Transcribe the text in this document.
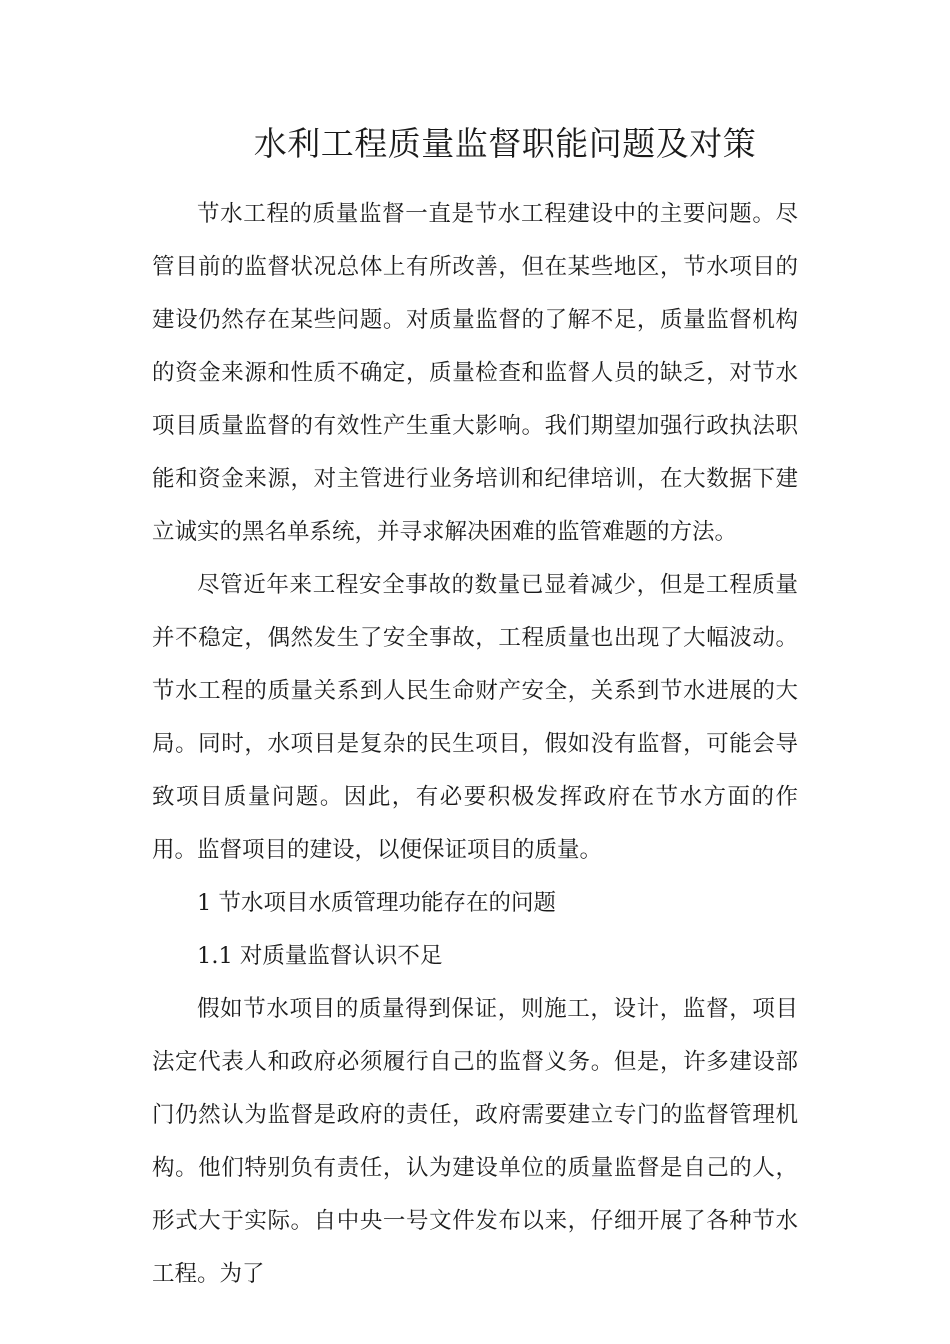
水利工程质量监督职能问题及对策

节水工程的质量监督一直是节水工程建设中的主要问题。尽管目前的监督状况总体上有所改善，但在某些地区，节水项目的建设仍然存在某些问题。对质量监督的了解不足，质量监督机构的资金来源和性质不确定，质量检查和监督人员的缺乏，对节水项目质量监督的有效性产生重大影响。我们期望加强行政执法职能和资金来源，对主管进行业务培训和纪律培训，在大数据下建立诚实的黑名单系统，并寻求解决困难的监管难题的方法。

尽管近年来工程安全事故的数量已显着减少，但是工程质量并不稳定，偶然发生了安全事故，工程质量也出现了大幅波动。节水工程的质量关系到人民生命财产安全，关系到节水进展的大局。同时，水项目是复杂的民生项目，假如没有监督，可能会导致项目质量问题。因此，有必要积极发挥政府在节水方面的作用。监督项目的建设，以便保证项目的质量。

1 节水项目水质管理功能存在的问题

1.1 对质量监督认识不足

假如节水项目的质量得到保证，则施工，设计，监督，项目法定代表人和政府必须履行自己的监督义务。但是，许多建设部门仍然认为监督是政府的责任，政府需要建立专门的监督管理机构。他们特别负有责任，认为建设单位的质量监督是自己的人，形式大于实际。自中央一号文件发布以来，仔细开展了各种节水工程。为了
